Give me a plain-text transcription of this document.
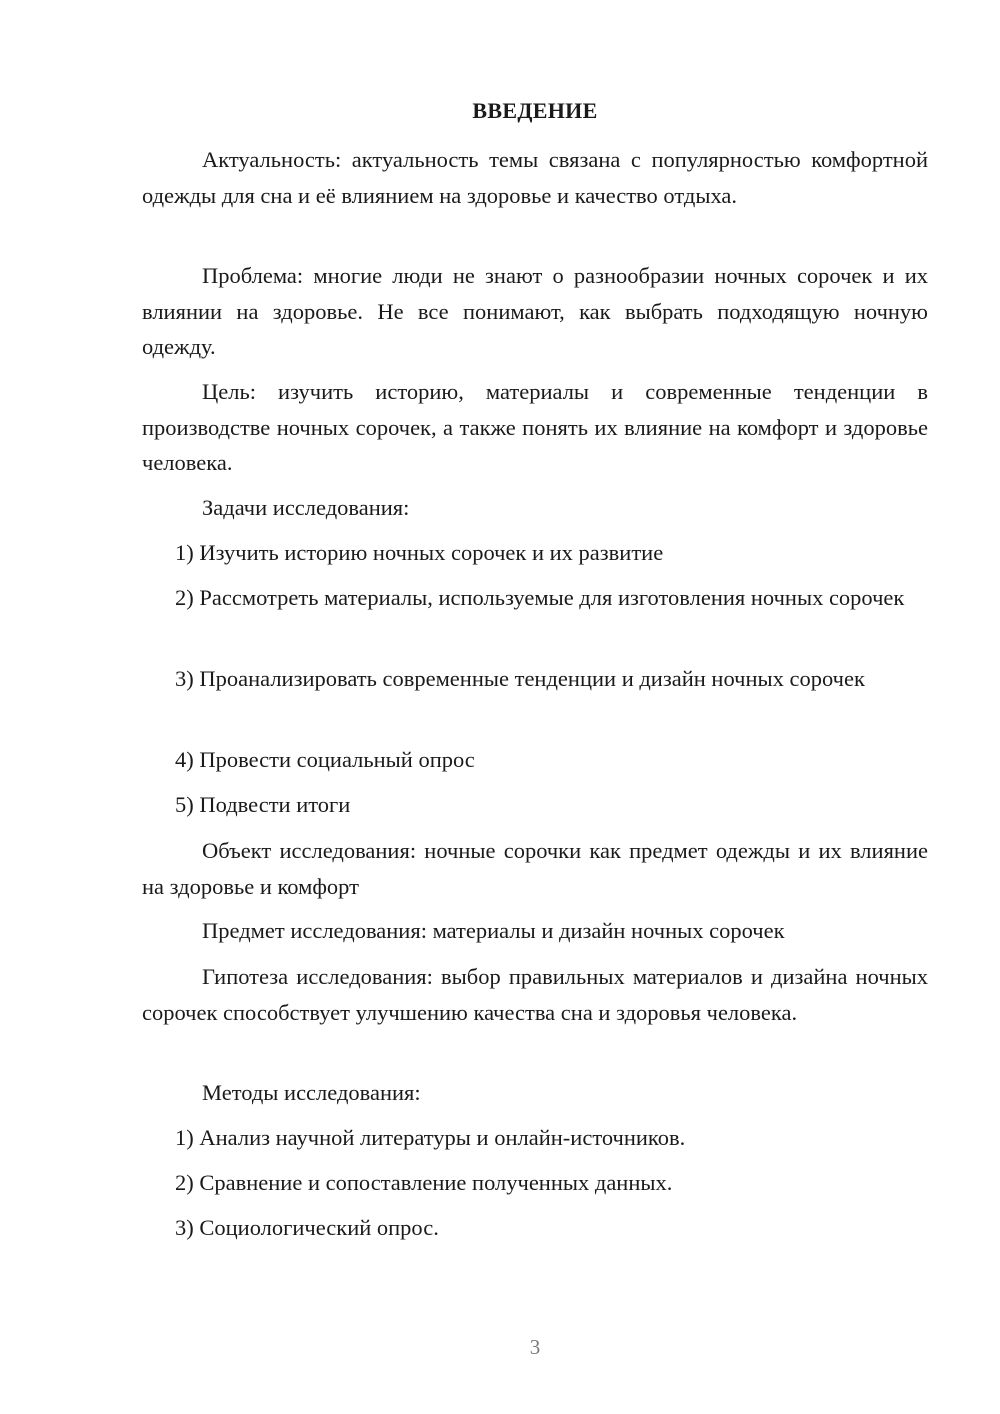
ВВЕДЕНИЕ

Актуальность: актуальность темы связана с популярностью комфортной одежды для сна и её влиянием на здоровье и качество отдыха.

Проблема: многие люди не знают о разнообразии ночных сорочек и их влиянии на здоровье. Не все понимают, как выбрать подходящую ночную одежду.

Цель: изучить историю, материалы и современные тенденции в производстве ночных сорочек, а также понять их влияние на комфорт и здоровье человека.

Задачи исследования:

1) Изучить историю ночных сорочек и их развитие

2) Рассмотреть материалы, используемые для изготовления ночных сорочек

3) Проанализировать современные тенденции и дизайн ночных сорочек

4) Провести социальный опрос

5) Подвести итоги

Объект исследования: ночные сорочки как предмет одежды и их влияние на здоровье и комфорт

Предмет исследования: материалы и дизайн ночных сорочек

Гипотеза исследования: выбор правильных материалов и дизайна ночных сорочек способствует улучшению качества сна и здоровья человека.

Методы исследования:

1) Анализ научной литературы и онлайн-источников.

2) Сравнение и сопоставление полученных данных.

3) Социологический опрос.

3
